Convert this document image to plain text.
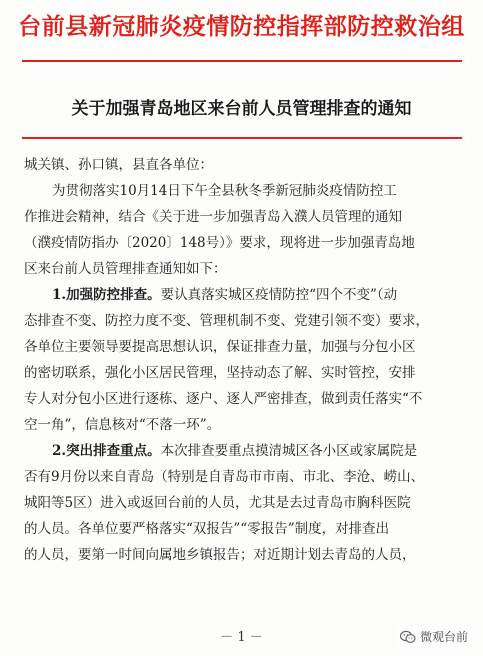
台前县新冠肺炎疫情防控指挥部防控救治组
关于加强青岛地区来台前人员管理排查的通知
城关镇、孙口镇，县直各单位：
为贯彻落实10月14日下午全县秋冬季新冠肺炎疫情防控工
作推进会精神，结合《关于进一步加强青岛入濮人员管理的通知
（濮疫情防指办〔2020〕148号）》要求，现将进一步加强青岛地
区来台前人员管理排查通知如下：
1.加强防控排查。要认真落实城区疫情防控“四个不变”（动
态排查不变、防控力度不变、管理机制不变、党建引领不变）要求，
各单位主要领导要提高思想认识，保证排查力量，加强与分包小区
的密切联系，强化小区居民管理，坚持动态了解、实时管控，安排
专人对分包小区进行逐栋、逐户、逐人严密排查，做到责任落实“不
空一角”，信息核对“不落一环”。
2.突出排查重点。本次排查要重点摸清城区各小区或家属院是
否有9月份以来自青岛（特别是自青岛市市南、市北、李沧、崂山、
城阳等5区）进入或返回台前的人员，尤其是去过青岛市胸科医院
的人员。各单位要严格落实“双报告”“零报告”制度，对排查出
的人员，要第一时间向属地乡镇报告；对近期计划去青岛的人员，
－ 1 －	微观台前
